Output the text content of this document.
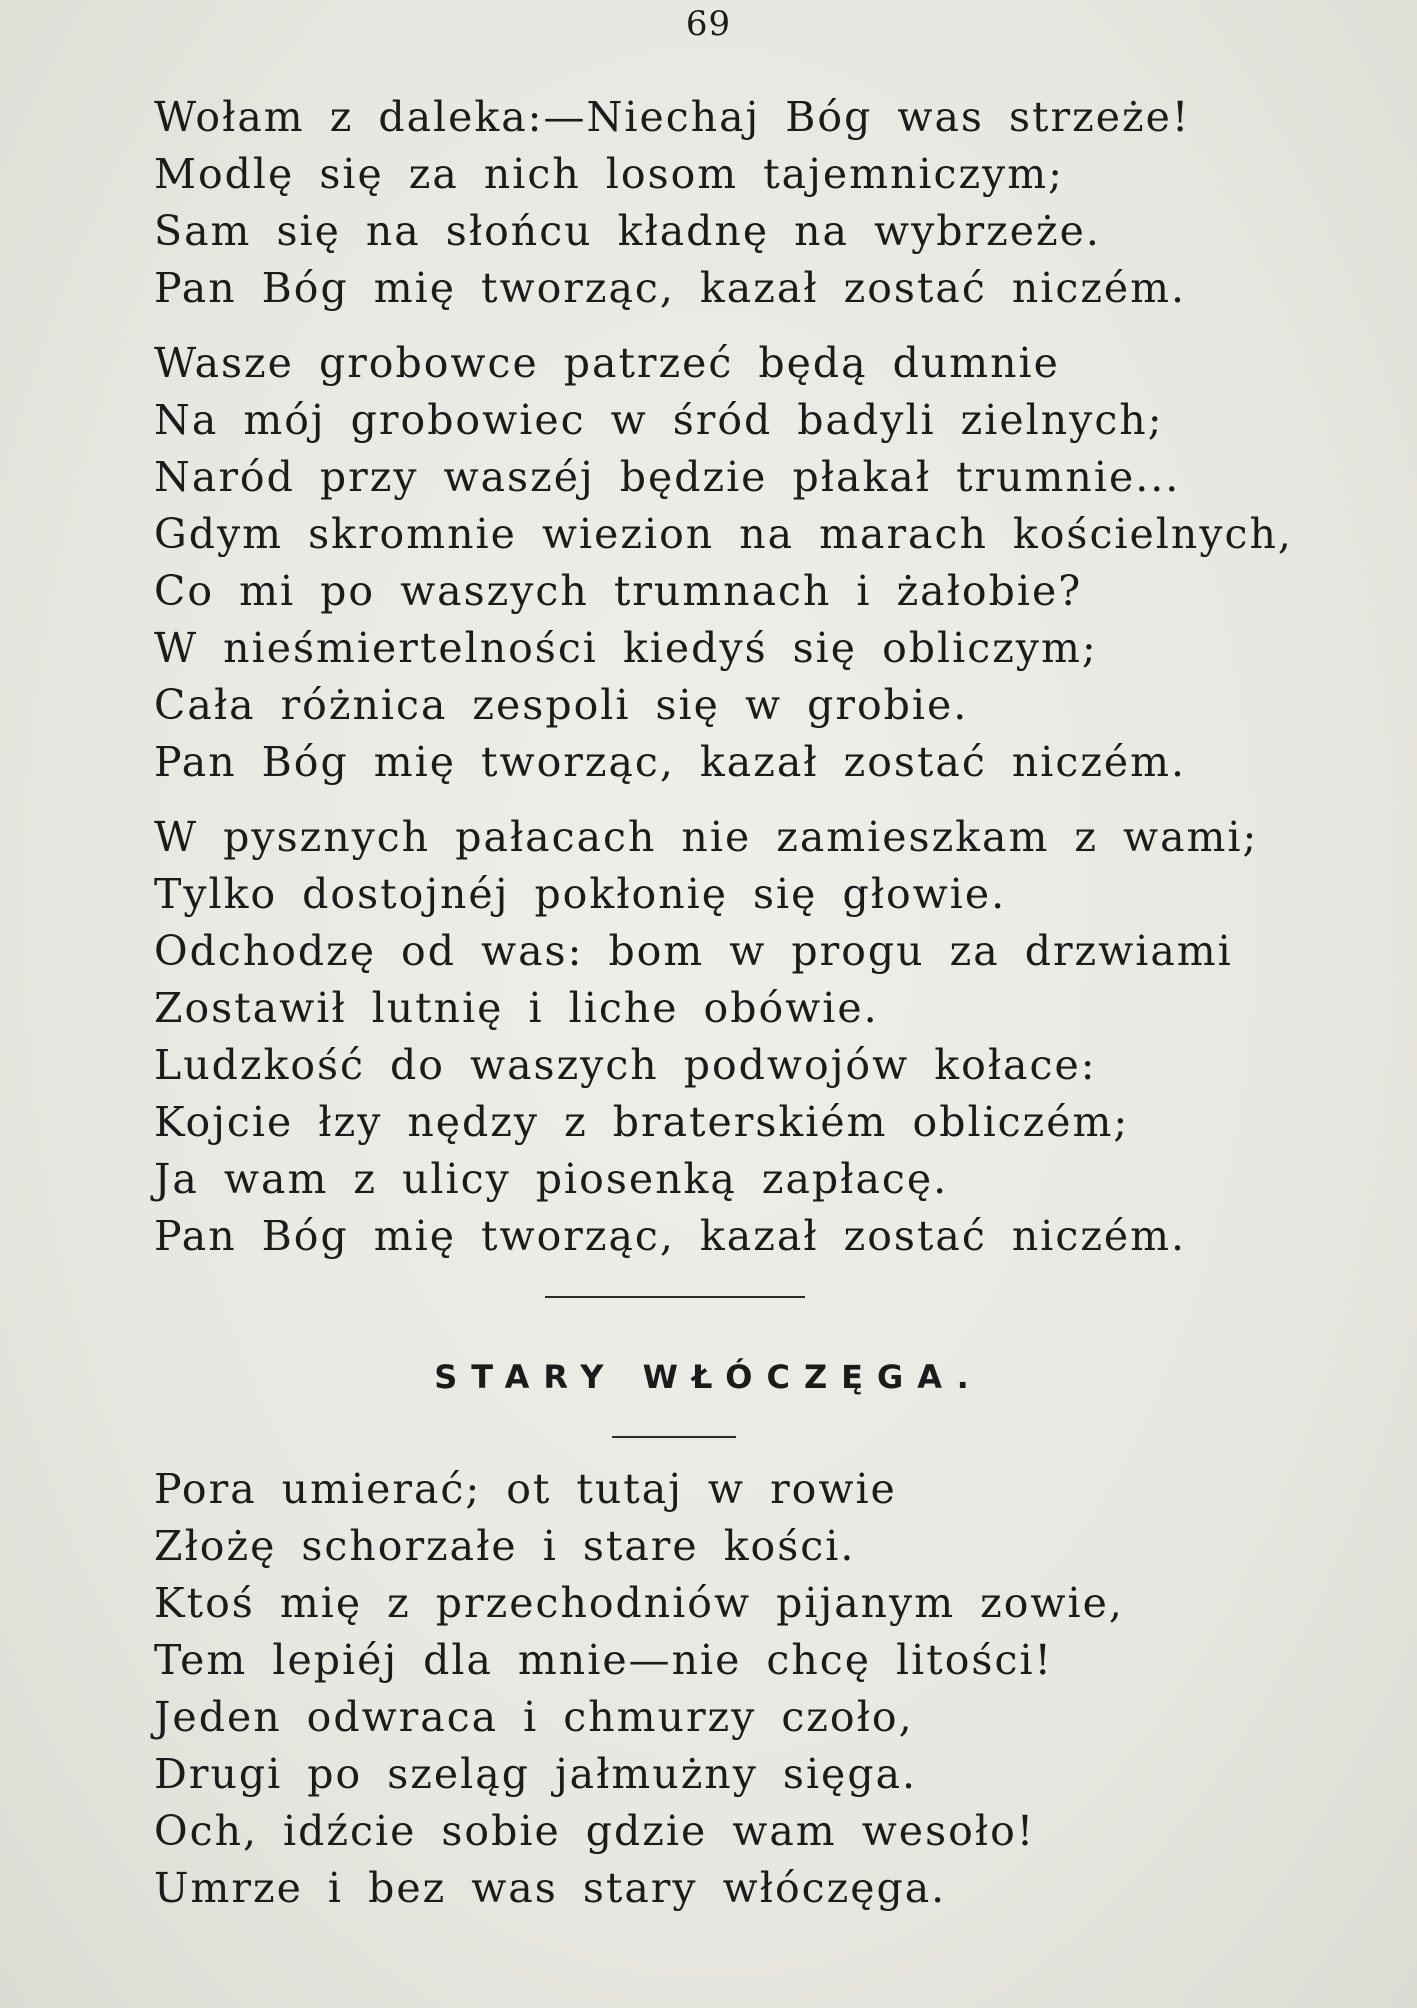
69
Wołam z daleka:—Niechaj Bóg was strzeże!
Modlę się za nich losom tajemniczym;
Sam się na słońcu kładnę na wybrzeże.
Pan Bóg mię tworząc, kazał zostać niczém.
Wasze grobowce patrzeć będą dumnie
Na mój grobowiec w śród badyli zielnych;
Naród przy waszéj będzie płakał trumnie...
Gdym skromnie wiezion na marach kościelnych,
Co mi po waszych trumnach i żałobie?
W nieśmiertelności kiedyś się obliczym;
Cała różnica zespoli się w grobie.
Pan Bóg mię tworząc, kazał zostać niczém.
W pysznych pałacach nie zamieszkam z wami;
Tylko dostojnéj pokłonię się głowie.
Odchodzę od was: bom w progu za drzwiami
Zostawił lutnię i liche obówie.
Ludzkość do waszych podwojów kołace:
Kojcie łzy nędzy z braterskiém obliczém;
Ja wam z ulicy piosenką zapłacę.
Pan Bóg mię tworząc, kazał zostać niczém.
STARY WŁÓCZĘGA.
Pora umierać; ot tutaj w rowie
Złożę schorzałe i stare kości.
Ktoś mię z przechodniów pijanym zowie,
Tem lepiéj dla mnie—nie chcę litości!
Jeden odwraca i chmurzy czoło,
Drugi po szeląg jałmużny sięga.
Och, idźcie sobie gdzie wam wesoło!
Umrze i bez was stary włóczęga.
